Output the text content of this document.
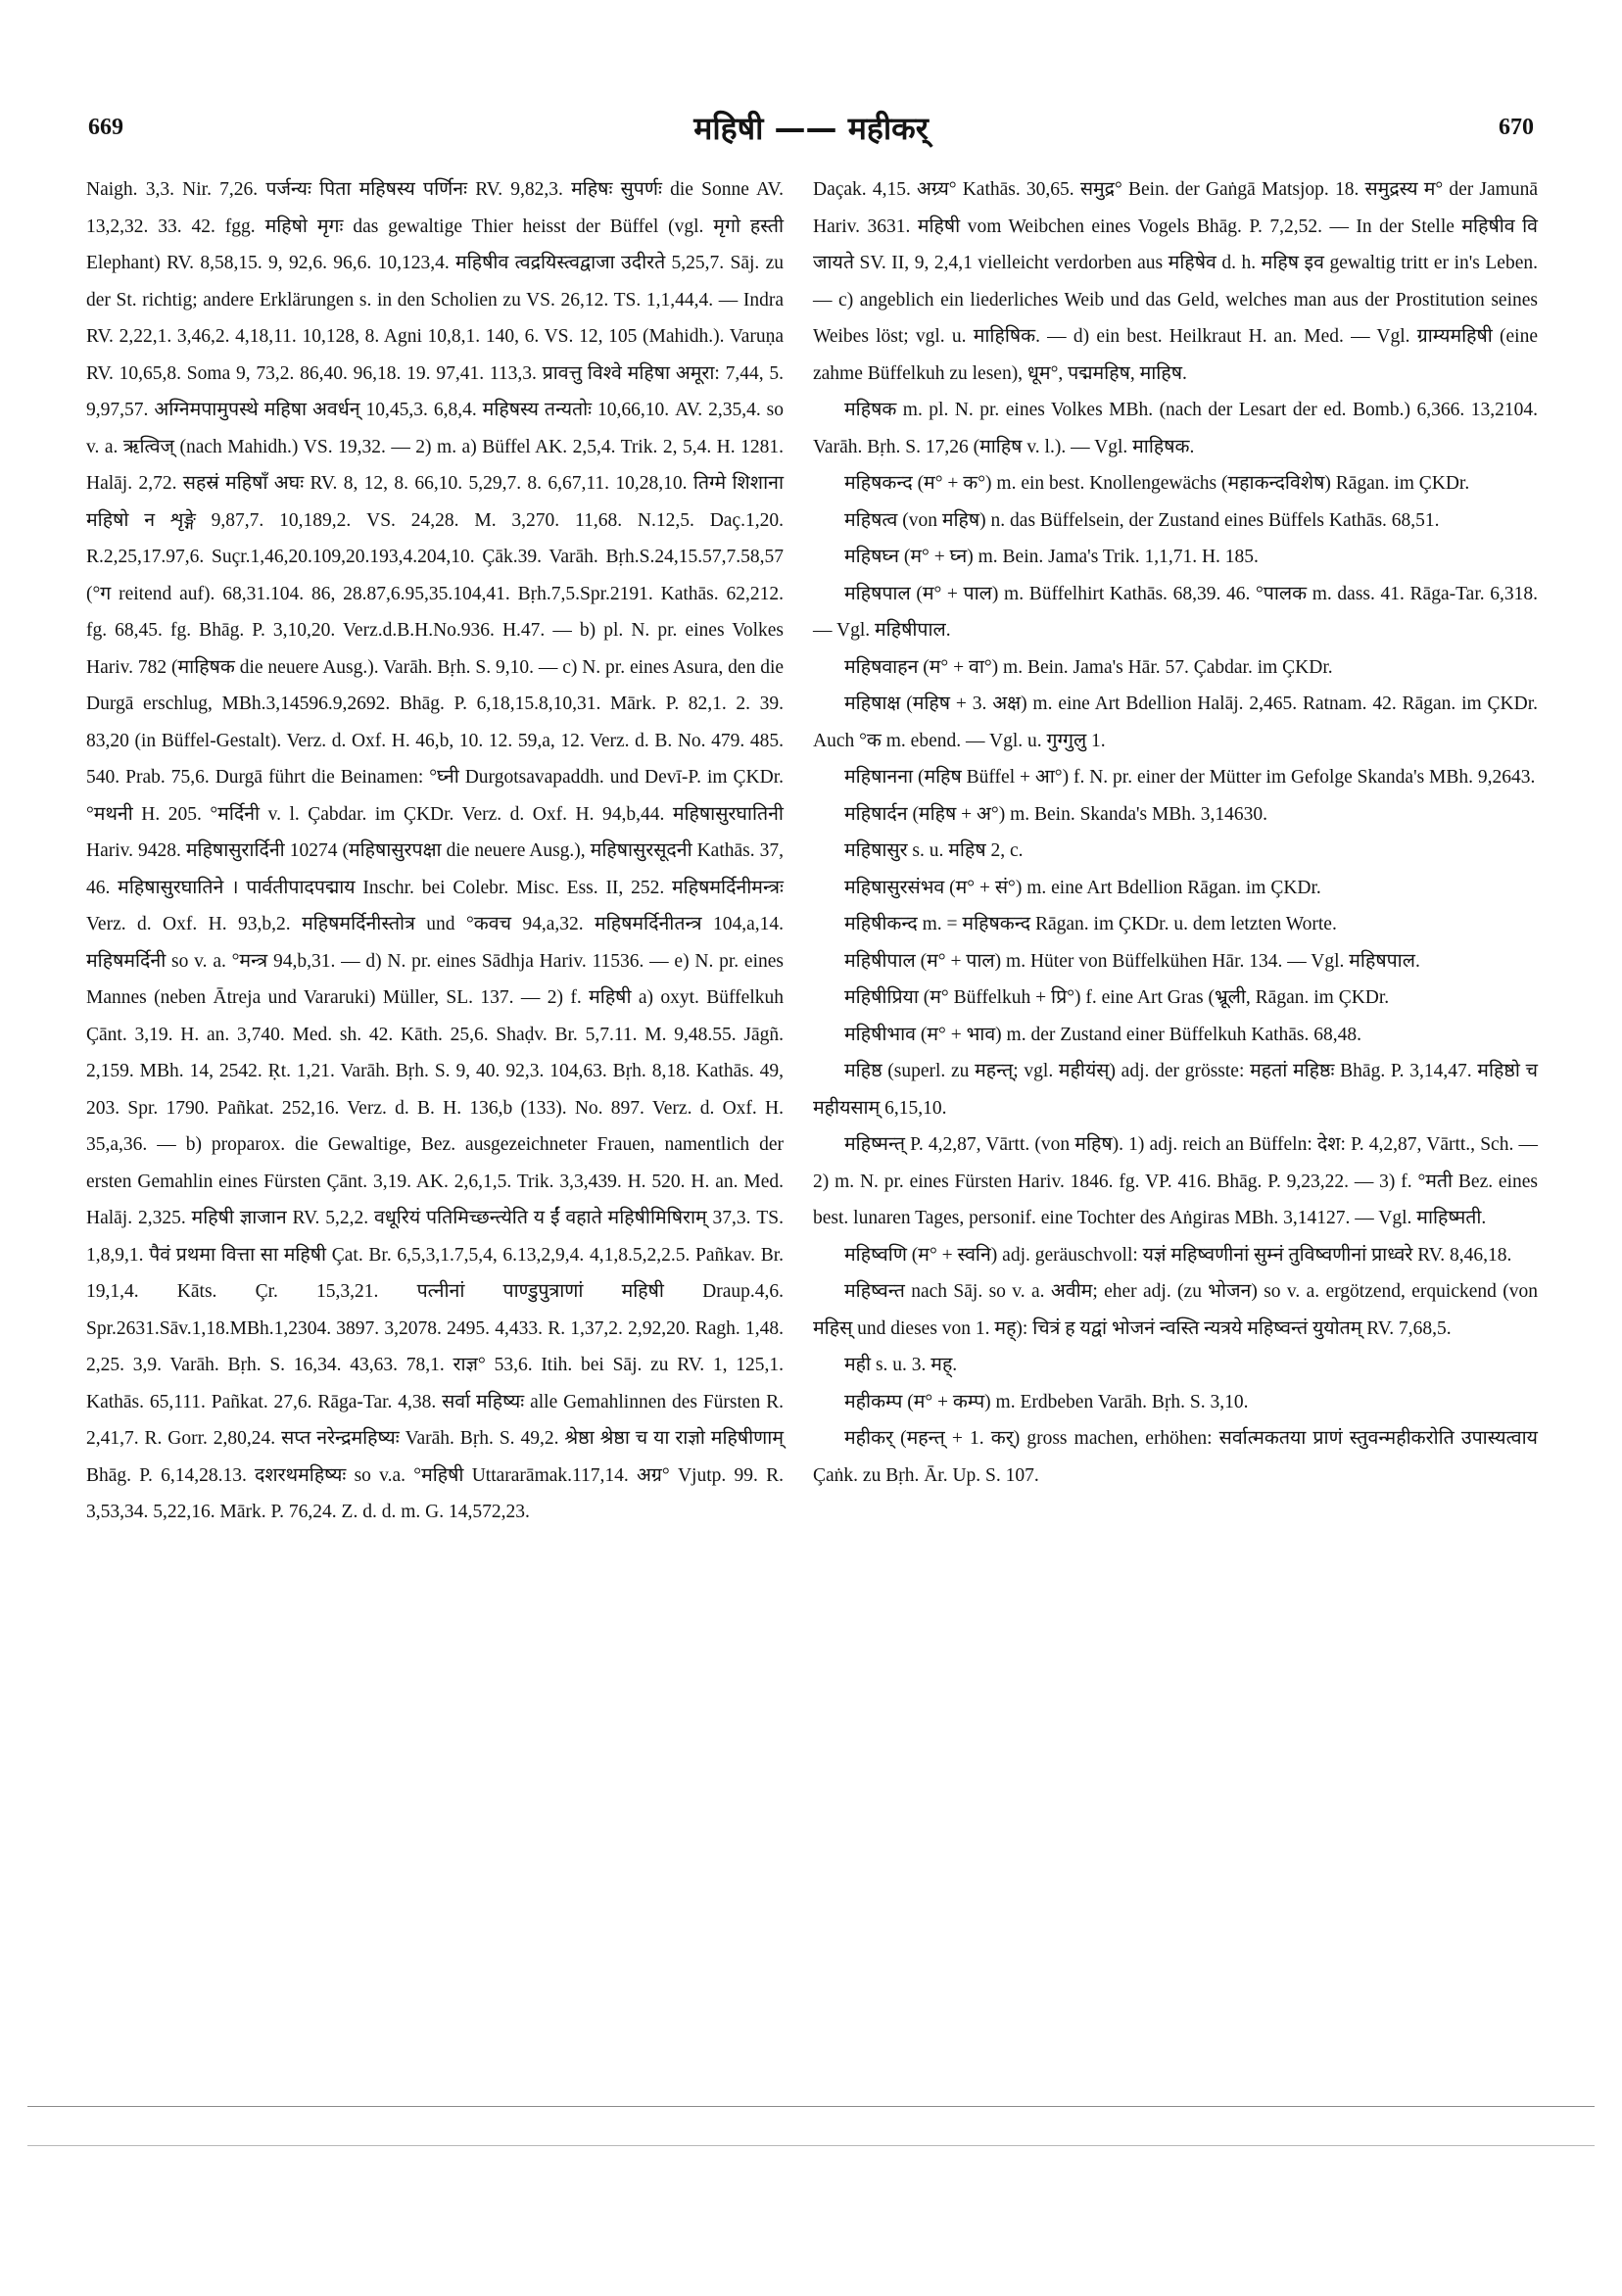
669	महिषी —— महीकर्	670

Naigh. 3,3. Nir. 7,26. पर्जन्यः पिता महिषस्य पर्णिनः RV. 9,82,3. महिषः सुपर्णः die Sonne AV. 13,2,32. 33. 42. fgg. महिषो मृगः das gewaltige Thier heisst der Büffel (vgl. मृगो हस्ती Elephant) RV. 8,58,15. 9, 92,6. 96,6. 10,123,4. महिषीव त्वद्रयिस्त्वद्वाजा उदीरते 5,25,7. Sāj. zu der St. richtig; andere Erklärungen s. in den Scholien zu VS. 26,12. TS. 1,1,44,4. — Indra RV. 2,22,1. 3,46,2. 4,18,11. 10,128, 8. Agni 10,8,1. 140, 6. VS. 12, 105 (Mahidh.). Varuṇa RV. 10,65,8. Soma 9, 73,2. 86,40. 96,18. 19. 97,41. 113,3. प्रावत्तु विश्वे महिषा अमूरा: 7,44, 5. 9,97,57. अग्निमपामुपस्थे महिषा अवर्धन् 10,45,3. 6,8,4. महिषस्य तन्यतोः 10,66,10. AV. 2,35,4. so v. a. ऋत्विज् (nach Mahidh.) VS. 19,32. — 2) m. a) Büffel AK. 2,5,4. Trik. 2, 5,4. H. 1281. Halāj. 2,72. सहस्रं महिषाँ अघः RV. 8, 12, 8. 66,10. 5,29,7. 8. 6,67,11. 10,28,10. तिग्मे शिशाना महिषो न शृङ्गे 9,87,7. 10,189,2. VS. 24,28. M. 3,270. 11,68. N.12,5. Daç.1,20. R.2,25,17.97,6. Suçr.1,46,20.109,20.193,4.204,10. Çāk.39. Varāh. Bṛh.S.24,15.57,7.58,57 (°ग reitend auf). 68,31.104. 86, 28.87,6.95,35.104,41. Bṛh.7,5.Spr.2191. Kathās. 62,212. fg. 68,45. fg. Bhāg. P. 3,10,20. Verz.d.B.H.No.936. H.47. — b) pl. N. pr. eines Volkes Hariv. 782 (माहिषक die neuere Ausg.). Varāh. Bṛh. S. 9,10. — c) N. pr. eines Asura, den die Durgā erschlug, MBh.3,14596.9,2692. Bhāg. P. 6,18,15.8,10,31. Mārk. P. 82,1. 2. 39. 83,20 (in Büffel-Gestalt). Verz. d. Oxf. H. 46,b, 10. 12. 59,a, 12. Verz. d. B. No. 479. 485. 540. Prab. 75,6. Durgā führt die Beinamen: °घ्नी Durgotsavapaddh. und Devī-P. im ÇKDr. °मथनी H. 205. °मर्दिनी v. l. Çabdar. im ÇKDr. Verz. d. Oxf. H. 94,b,44. महिषासुरघातिनी Hariv. 9428. महिषासुरार्दिनी 10274 (महिषासुरपक्षा die neuere Ausg.), महिषासुरसूदनी Kathās. 37, 46. महिषासुरघातिने । पार्वतीपादपद्माय Inschr. bei Colebr. Misc. Ess. II, 252. महिषमर्दिनीमन्त्रः Verz. d. Oxf. H. 93,b,2. महिषमर्दिनीस्तोत्र und °कवच 94,a,32. महिषमर्दिनीतन्त्र 104,a,14. महिषमर्दिनी so v. a. °मन्त्र 94,b,31. — d) N. pr. eines Sādhja Hariv. 11536. — e) N. pr. eines Mannes (neben Ātreja und Vararuki) Müller, SL. 137. — 2) f. महिषी a) oxyt. Büffelkuh Çānt. 3,19. H. an. 3,740. Med. sh. 42. Kāth. 25,6. Shaḍv. Br. 5,7.11. M. 9,48.55. Jāgñ. 2,159. MBh. 14, 2542. Ṛt. 1,21. Varāh. Bṛh. S. 9, 40. 92,3. 104,63. Bṛh. 8,18. Kathās. 49, 203. Spr. 1790. Pañkat. 252,16. Verz. d. B. H. 136,b (133). No. 897. Verz. d. Oxf. H. 35,a,36. — b) proparox. die Gewaltige, Bez. ausgezeichneter Frauen, namentlich der ersten Gemahlin eines Fürsten Çānt. 3,19. AK. 2,6,1,5. Trik. 3,3,439. H. 520. H. an. Med. Halāj. 2,325. महिषी ज्ञाजान RV. 5,2,2. वधूरियं पतिमिच्छन्त्येति य ईं वहाते महिषीमिषिराम् 37,3. TS. 1,8,9,1. पैवं प्रथमा वित्ता सा महिषी Çat. Br. 6,5,3,1.7,5,4, 6.13,2,9,4. 4,1,8.5,2,2.5. Pañkav. Br. 19,1,4. Kāts. Çr. 15,3,21. पत्नीनां पाण्डुपुत्राणां महिषी Draup.4,6. Spr.2631.Sāv.1,18.MBh.1,2304. 3897. 3,2078. 2495. 4,433. R. 1,37,2. 2,92,20. Ragh. 1,48. 2,25. 3,9. Varāh. Bṛh. S. 16,34. 43,63. 78,1. राज्ञ° 53,6. Itih. bei Sāj. zu RV. 1, 125,1. Kathās. 65,111. Pañkat. 27,6. Rāga-Tar. 4,38. सर्वा महिष्यः alle Gemahlinnen des Fürsten R. 2,41,7. R. Gorr. 2,80,24. सप्त नरेन्द्रमहिष्यः Varāh. Bṛh. S. 49,2. श्रेष्ठा श्रेष्ठा च या राज्ञो महिषीणाम् Bhāg. P. 6,14,28.13. दशरथमहिष्यः so v.a. °महिषी Uttararāmak.117,14. अग्र° Vjutp. 99. R. 3,53,34. 5,22,16. Mārk. P. 76,24. Z. d. d. m. G. 14,572,23.

Daçak. 4,15. अग्र्य° Kathās. 30,65. समुद्र° Bein. der Gaṅgā Matsjop. 18. समुद्रस्य म° der Jamunā Hariv. 3631. महिषी vom Weibchen eines Vogels Bhāg. P. 7,2,52. — In der Stelle महिषीव वि जायते SV. II, 9, 2,4,1 vielleicht verdorben aus महिषेव d. h. महिष इव gewaltig tritt er in's Leben. — c) angeblich ein liederliches Weib und das Geld, welches man aus der Prostitution seines Weibes löst; vgl. u. माहिषिक. — d) ein best. Heilkraut H. an. Med. — Vgl. ग्राम्यमहिषी (eine zahme Büffelkuh zu lesen), धूम°, पद्ममहिष, माहिष.

महिषक m. pl. N. pr. eines Volkes MBh. (nach der Lesart der ed. Bomb.) 6,366. 13,2104. Varāh. Bṛh. S. 17,26 (माहिष v. l.). — Vgl. माहिषक.

महिषकन्द (म° + क°) m. ein best. Knollengewächs (महाकन्दविशेष) Rāgan. im ÇKDr.

महिषत्व (von महिष) n. das Büffelsein, der Zustand eines Büffels Kathās. 68,51.

महिषघ्न (म° + घ्न) m. Bein. Jama's Trik. 1,1,71. H. 185.

महिषपाल (म° + पाल) m. Büffelhirt Kathās. 68,39. 46. °पालक m. dass. 41. Rāga-Tar. 6,318. — Vgl. महिषीपाल.

महिषवाहन (म° + वा°) m. Bein. Jama's Hār. 57. Çabdar. im ÇKDr.

महिषाक्ष (महिष + 3. अक्ष) m. eine Art Bdellion Halāj. 2,465. Ratnam. 42. Rāgan. im ÇKDr. Auch °क m. ebend. — Vgl. u. गुग्गुलु 1.

महिषानना (महिष Büffel + आ°) f. N. pr. einer der Mütter im Gefolge Skanda's MBh. 9,2643.

महिषार्दन (महिष + अ°) m. Bein. Skanda's MBh. 3,14630.

महिषासुर s. u. महिष 2, c.

महिषासुरसंभव (म° + सं°) m. eine Art Bdellion Rāgan. im ÇKDr.

महिषीकन्द m. = महिषकन्द Rāgan. im ÇKDr. u. dem letzten Worte.

महिषीपाल (म° + पाल) m. Hüter von Büffelkühen Hār. 134. — Vgl. महिषपाल.

महिषीप्रिया (म° Büffelkuh + प्रि°) f. eine Art Gras (भ्रूली, Rāgan. im ÇKDr.

महिषीभाव (म° + भाव) m. der Zustand einer Büffelkuh Kathās. 68,48.

महिष्ठ (superl. zu महन्त्; vgl. महीयंस्) adj. der grösste: महतां महिष्ठः Bhāg. P. 3,14,47. महिष्ठो च महीयसाम् 6,15,10.

महिष्मन्त् P. 4,2,87, Vārtt. (von महिष). 1) adj. reich an Büffeln: देश: P. 4,2,87, Vārtt., Sch. — 2) m. N. pr. eines Fürsten Hariv. 1846. fg. VP. 416. Bhāg. P. 9,23,22. — 3) f. °मती Bez. eines best. lunaren Tages, personif. eine Tochter des Aṅgiras MBh. 3,14127. — Vgl. माहिष्मती.

महिष्वणि (म° + स्वनि) adj. geräuschvoll: यज्ञं महिष्वणीनां सुम्नं तुविष्वणीनां प्राध्वरे RV. 8,46,18.

महिष्वन्त nach Sāj. so v. a. अवीम; eher adj. (zu भोजन) so v. a. ergötzend, erquickend (von महिस् und dieses von 1. मह्): चित्रं ह यद्वां भोजनं न्वस्ति न्यत्रये महिष्वन्तं युयोतम् RV. 7,68,5.

मही s. u. 3. मह्.

महीकम्प (म° + कम्प) m. Erdbeben Varāh. Bṛh. S. 3,10.

महीकर् (महन्त् + 1. कर्) gross machen, erhöhen: सर्वात्मकतया प्राणं स्तुवन्महीकरोति उपास्यत्वाय Çaṅk. zu Bṛh. Ār. Up. S. 107.
